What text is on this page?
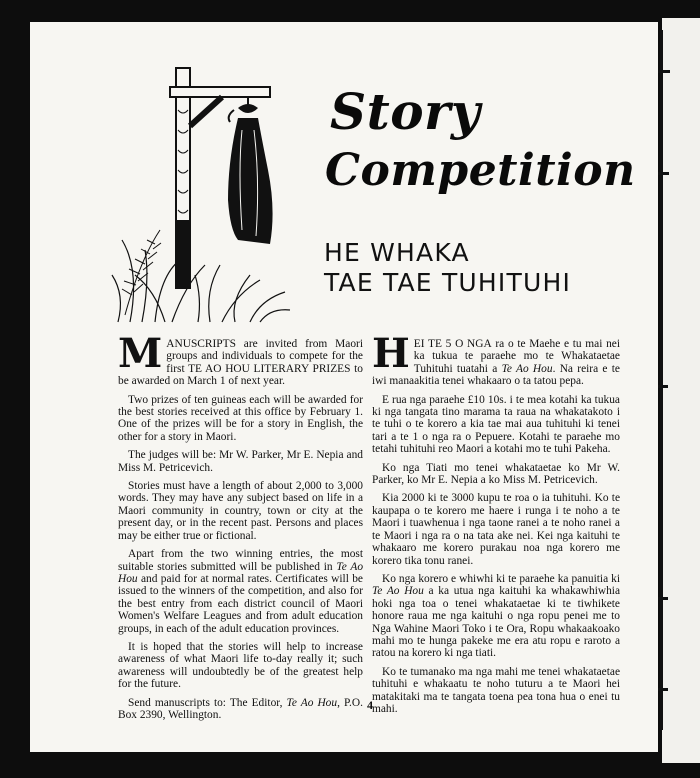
Story
Competition
HE WHAKA
TAE TAE TUHITUHI

MANUSCRIPTS are invited from Maori groups and individuals to compete for the first TE AO HOU LITERARY PRIZES to be awarded on March 1 of next year.

Two prizes of ten guineas each will be awarded for the best stories received at this office by February 1. One of the prizes will be for a story in English, the other for a story in Maori.

The judges will be: Mr W. Parker, Mr E. Nepia and Miss M. Petricevich.

Stories must have a length of about 2,000 to 3,000 words. They may have any subject based on life in a Maori community in country, town or city at the present day, or in the recent past. Persons and places may be either true or fictional.

Apart from the two winning entries, the most suitable stories submitted will be published in Te Ao Hou and paid for at normal rates. Certificates will be issued to the winners of the competition, and also for the best entry from each district council of Maori Women's Welfare Leagues and from adult education groups, in each of the adult education provinces.

It is hoped that the stories will help to increase awareness of what Maori life to-day really it; such awareness will undoubtedly be of the greatest help for the future.

Send manuscripts to: The Editor, Te Ao Hou, P.O. Box 2390, Wellington.

HEI TE 5 O NGA ra o te Maehe e tu mai nei ka tukua te paraehe mo te Whakataetae Tuhituhi tuatahi a Te Ao Hou. Na reira e te iwi manaakitia tenei whakaaro o ta tatou pepa.

E rua nga paraehe £10 10s. i te mea kotahi ka tukua ki nga tangata tino marama ta raua na whakatakoto i te tuhi o te korero a kia tae mai aua tuhituhi ki tenei tari a te 1 o nga ra o Pepuere. Kotahi te paraehe mo tetahi tuhituhi reo Maori a kotahi mo te tuhi Pakeha.

Ko nga Tiati mo tenei whakataetae ko Mr W. Parker, ko Mr E. Nepia a ko Miss M. Petricevich.

Kia 2000 ki te 3000 kupu te roa o ia tuhituhi. Ko te kaupapa o te korero me haere i runga i te noho a te Maori i tuawhenua i nga taone ranei a te noho ranei a te Maori i nga ra o na tata ake nei. Kei nga kaituhi te whakaaro me korero purakau noa nga korero me korero tika tonu ranei.

Ko nga korero e whiwhi ki te paraehe ka panuitia ki Te Ao Hou a ka utua nga kaituhi ka whakawhiwhia hoki nga toa o tenei whakataetae ki te tiwhikete honore raua me nga kaituhi o nga ropu penei me to Nga Wahine Maori Toko i te Ora, Ropu whakaakoako mahi mo te hunga pakeke me era atu ropu e raroto a ratou na korero ki nga tiati.

Ko te tumanako ma nga mahi me tenei whakataetae tuhituhi e whakaatu te noho tuturu a te Maori hei matakitaki ma te tangata toena pea tona hua o enei tu mahi.

4
